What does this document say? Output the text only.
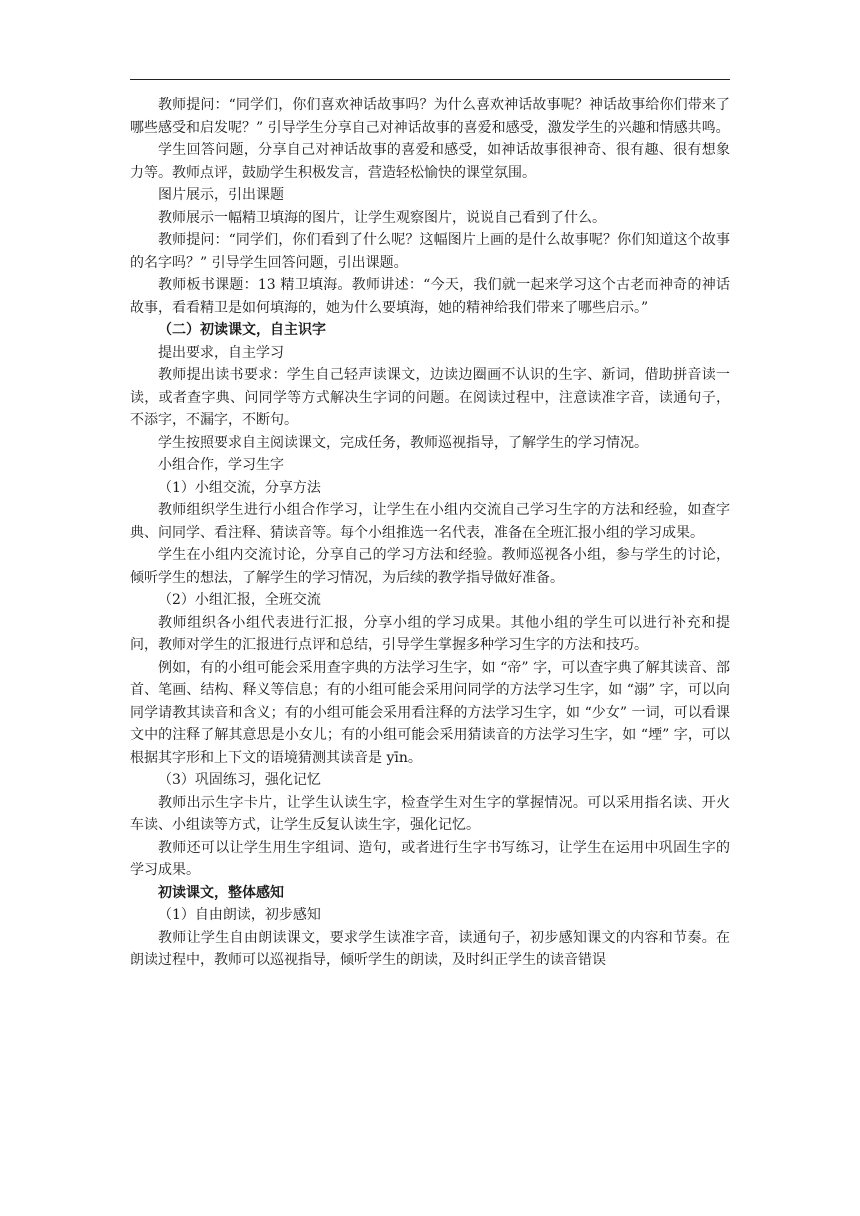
教师提问：“同学们，你们喜欢神话故事吗？为什么喜欢神话故事呢？神话故事给你们带来了哪些感受和启发呢？” 引导学生分享自己对神话故事的喜爱和感受，激发学生的兴趣和情感共鸣。

学生回答问题，分享自己对神话故事的喜爱和感受，如神话故事很神奇、很有趣、很有想象力等。教师点评，鼓励学生积极发言，营造轻松愉快的课堂氛围。

图片展示，引出课题

教师展示一幅精卫填海的图片，让学生观察图片，说说自己看到了什么。

教师提问：“同学们，你们看到了什么呢？这幅图片上画的是什么故事呢？你们知道这个故事的名字吗？” 引导学生回答问题，引出课题。

教师板书课题：13 精卫填海。教师讲述：“今天，我们就一起来学习这个古老而神奇的神话故事，看看精卫是如何填海的，她为什么要填海，她的精神给我们带来了哪些启示。”

（二）初读课文，自主识字

提出要求，自主学习

教师提出读书要求：学生自己轻声读课文，边读边圈画不认识的生字、新词，借助拼音读一读，或者查字典、问同学等方式解决生字词的问题。在阅读过程中，注意读准字音，读通句子，不添字，不漏字，不断句。

学生按照要求自主阅读课文，完成任务，教师巡视指导，了解学生的学习情况。

小组合作，学习生字

（1）小组交流，分享方法

教师组织学生进行小组合作学习，让学生在小组内交流自己学习生字的方法和经验，如查字典、问同学、看注释、猜读音等。每个小组推选一名代表，准备在全班汇报小组的学习成果。

学生在小组内交流讨论，分享自己的学习方法和经验。教师巡视各小组，参与学生的讨论，倾听学生的想法，了解学生的学习情况，为后续的教学指导做好准备。

（2）小组汇报，全班交流

教师组织各小组代表进行汇报，分享小组的学习成果。其他小组的学生可以进行补充和提问，教师对学生的汇报进行点评和总结，引导学生掌握多种学习生字的方法和技巧。

例如，有的小组可能会采用查字典的方法学习生字，如 “帝” 字，可以查字典了解其读音、部首、笔画、结构、释义等信息；有的小组可能会采用问同学的方法学习生字，如 “溺” 字，可以向同学请教其读音和含义；有的小组可能会采用看注释的方法学习生字，如 “少女” 一词，可以看课文中的注释了解其意思是小女儿；有的小组可能会采用猜读音的方法学习生字，如 “堙” 字，可以根据其字形和上下文的语境猜测其读音是 yīn。

（3）巩固练习，强化记忆

教师出示生字卡片，让学生认读生字，检查学生对生字的掌握情况。可以采用指名读、开火车读、小组读等方式，让学生反复认读生字，强化记忆。

教师还可以让学生用生字组词、造句，或者进行生字书写练习，让学生在运用中巩固生字的学习成果。

初读课文，整体感知

（1）自由朗读，初步感知

教师让学生自由朗读课文，要求学生读准字音，读通句子，初步感知课文的内容和节奏。在朗读过程中，教师可以巡视指导，倾听学生的朗读，及时纠正学生的读音错误
